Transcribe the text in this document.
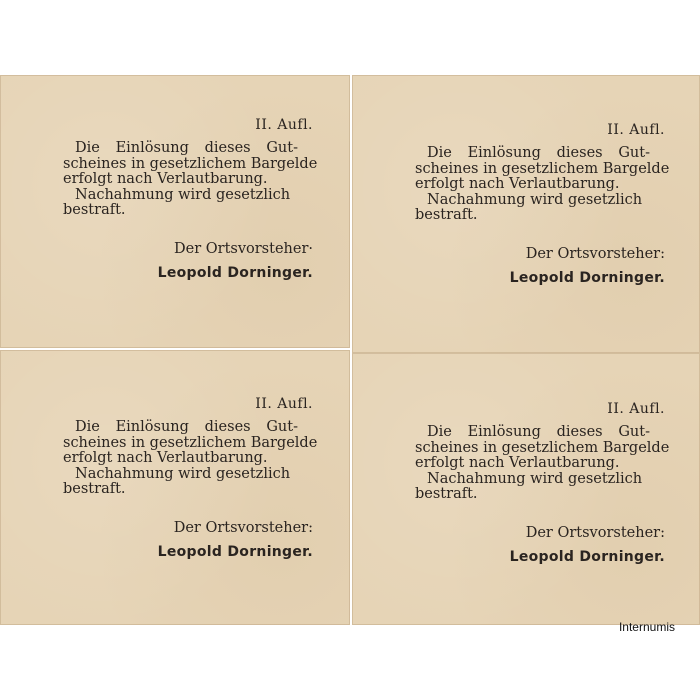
II. Aufl.
Die Einlösung dieses Gut-
scheines in gesetzlichem Bargelde
erfolgt nach Verlautbarung.
Nachahmung wird gesetzlich
bestraft.
Der Ortsvorsteher·
Leopold Dorninger.
II. Aufl.
Die Einlösung dieses Gut-
scheines in gesetzlichem Bargelde
erfolgt nach Verlautbarung.
Nachahmung wird gesetzlich
bestraft.
Der Ortsvorsteher:
Leopold Dorninger.
II. Aufl.
Die Einlösung dieses Gut-
scheines in gesetzlichem Bargelde
erfolgt nach Verlautbarung.
Nachahmung wird gesetzlich
bestraft.
Der Ortsvorsteher:
Leopold Dorninger.
II. Aufl.
Die Einlösung dieses Gut-
scheines in gesetzlichem Bargelde
erfolgt nach Verlautbarung.
Nachahmung wird gesetzlich
bestraft.
Der Ortsvorsteher:
Leopold Dorninger.
Internumis
